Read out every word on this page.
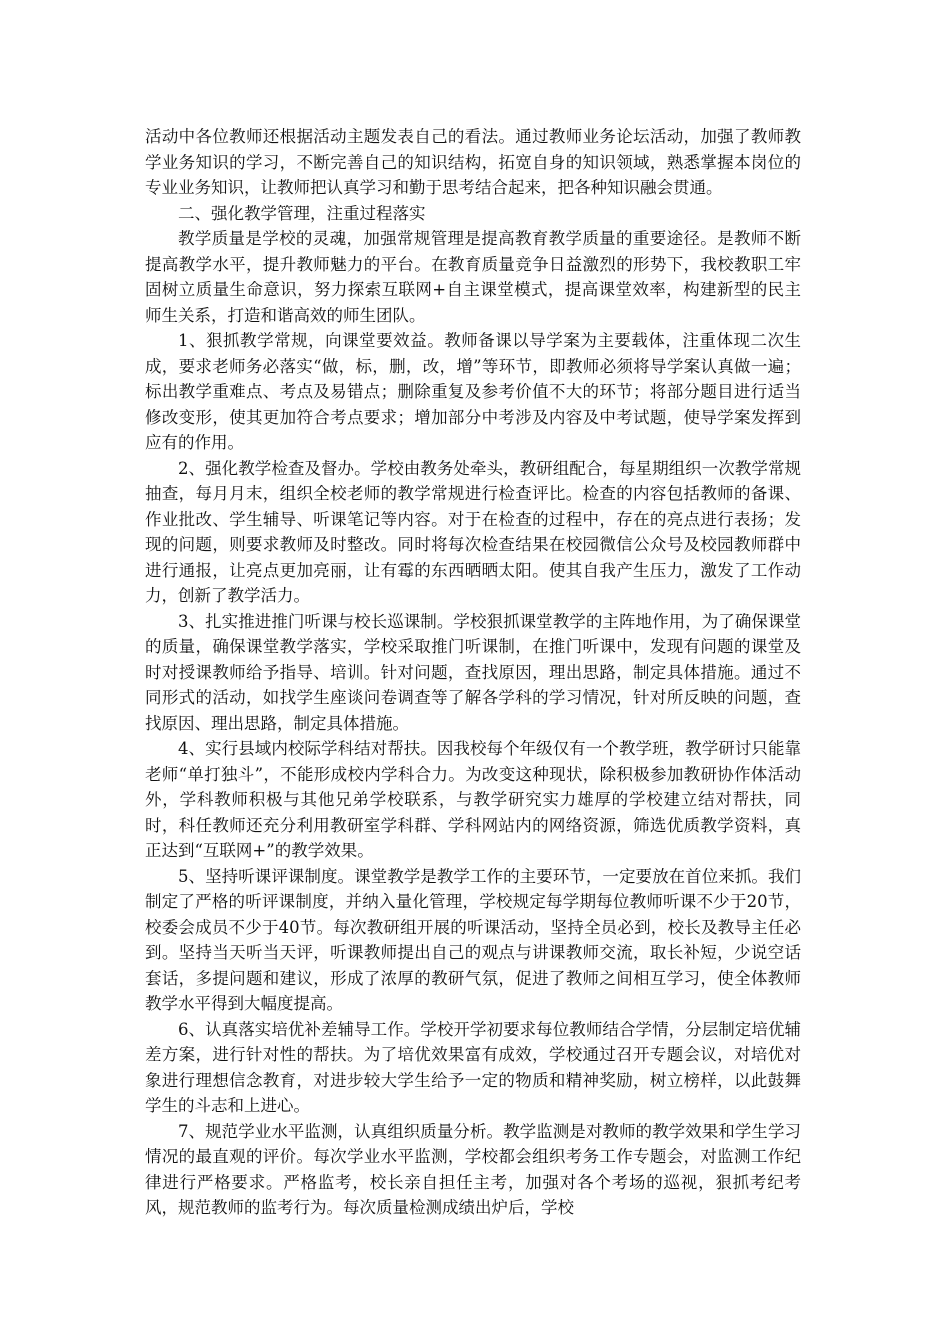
活动中各位教师还根据活动主题发表自己的看法。通过教师业务论坛活动，加强了教师教学业务知识的学习，不断完善自己的知识结构，拓宽自身的知识领域，熟悉掌握本岗位的专业业务知识，让教师把认真学习和勤于思考结合起来，把各种知识融会贯通。

二、强化教学管理，注重过程落实

教学质量是学校的灵魂，加强常规管理是提高教育教学质量的重要途径。是教师不断提高教学水平，提升教师魅力的平台。在教育质量竞争日益激烈的形势下，我校教职工牢固树立质量生命意识，努力探索互联网+自主课堂模式，提高课堂效率，构建新型的民主师生关系，打造和谐高效的师生团队。

1、狠抓教学常规，向课堂要效益。教师备课以导学案为主要载体，注重体现二次生成，要求老师务必落实“做，标，删，改，增”等环节，即教师必须将导学案认真做一遍；标出教学重难点、考点及易错点；删除重复及参考价值不大的环节；将部分题目进行适当修改变形，使其更加符合考点要求；增加部分中考涉及内容及中考试题，使导学案发挥到应有的作用。

2、强化教学检查及督办。学校由教务处牵头，教研组配合，每星期组织一次教学常规抽查，每月月末，组织全校老师的教学常规进行检查评比。检查的内容包括教师的备课、作业批改、学生辅导、听课笔记等内容。对于在检查的过程中，存在的亮点进行表扬；发现的问题，则要求教师及时整改。同时将每次检查结果在校园微信公众号及校园教师群中进行通报，让亮点更加亮丽，让有霉的东西晒晒太阳。使其自我产生压力，激发了工作动力，创新了教学活力。

3、扎实推进推门听课与校长巡课制。学校狠抓课堂教学的主阵地作用，为了确保课堂的质量，确保课堂教学落实，学校采取推门听课制，在推门听课中，发现有问题的课堂及时对授课教师给予指导、培训。针对问题，查找原因，理出思路，制定具体措施。通过不同形式的活动，如找学生座谈问卷调查等了解各学科的学习情况，针对所反映的问题，查找原因、理出思路，制定具体措施。

4、实行县域内校际学科结对帮扶。因我校每个年级仅有一个教学班，教学研讨只能靠老师“单打独斗”，不能形成校内学科合力。为改变这种现状，除积极参加教研协作体活动外，学科教师积极与其他兄弟学校联系，与教学研究实力雄厚的学校建立结对帮扶，同时，科任教师还充分利用教研室学科群、学科网站内的网络资源，筛选优质教学资料，真正达到“互联网+”的教学效果。

5、坚持听课评课制度。课堂教学是教学工作的主要环节，一定要放在首位来抓。我们制定了严格的听评课制度，并纳入量化管理，学校规定每学期每位教师听课不少于20节，校委会成员不少于40节。每次教研组开展的听课活动，坚持全员必到，校长及教导主任必到。坚持当天听当天评，听课教师提出自己的观点与讲课教师交流，取长补短，少说空话套话，多提问题和建议，形成了浓厚的教研气氛，促进了教师之间相互学习，使全体教师教学水平得到大幅度提高。

6、认真落实培优补差辅导工作。学校开学初要求每位教师结合学情，分层制定培优辅差方案，进行针对性的帮扶。为了培优效果富有成效，学校通过召开专题会议，对培优对象进行理想信念教育，对进步较大学生给予一定的物质和精神奖励，树立榜样，以此鼓舞学生的斗志和上进心。

7、规范学业水平监测，认真组织质量分析。教学监测是对教师的教学效果和学生学习情况的最直观的评价。每次学业水平监测，学校都会组织考务工作专题会，对监测工作纪律进行严格要求。严格监考，校长亲自担任主考，加强对各个考场的巡视，狠抓考纪考风，规范教师的监考行为。每次质量检测成绩出炉后，学校
